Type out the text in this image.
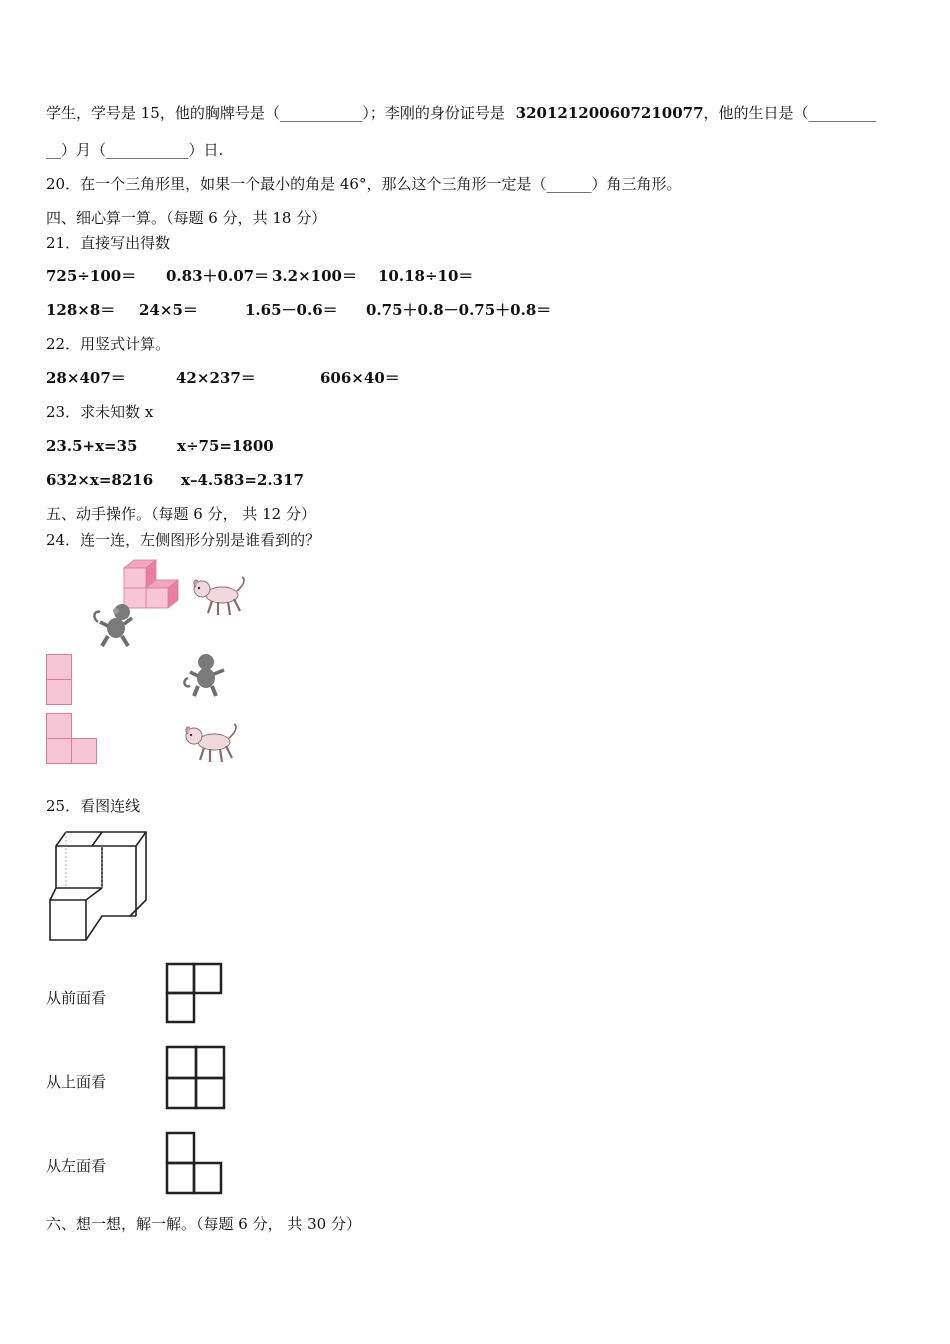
学生，学号是 15，他的胸牌号是（___________）；李刚的身份证号是 320121200607210077，他的生日是（_________
__）月（___________）日.
20．在一个三角形里，如果一个最小的角是 46°，那么这个三角形一定是（______）角三角形。
四、细心算一算。（每题 6 分，共 18 分）
21．直接写出得数
725÷100＝ 0.83＋0.07＝ 3.2×100＝ 10.18÷10＝
128×8＝ 24×5＝	1.65－0.6＝ 0.75＋0.8－0.75＋0.8＝
22．用竖式计算。
28×407＝	42×237＝	606×40＝
23．求未知数 x
23.5+x=35	x÷75=1800
632×x=8216 x–4.583=2.317
五、动手操作。（每题 6 分， 共 12 分）
24．连一连，左侧图形分别是谁看到的？
25．看图连线
从前面看
从上面看
从左面看
六、想一想，解一解。（每题 6 分， 共 30 分）
